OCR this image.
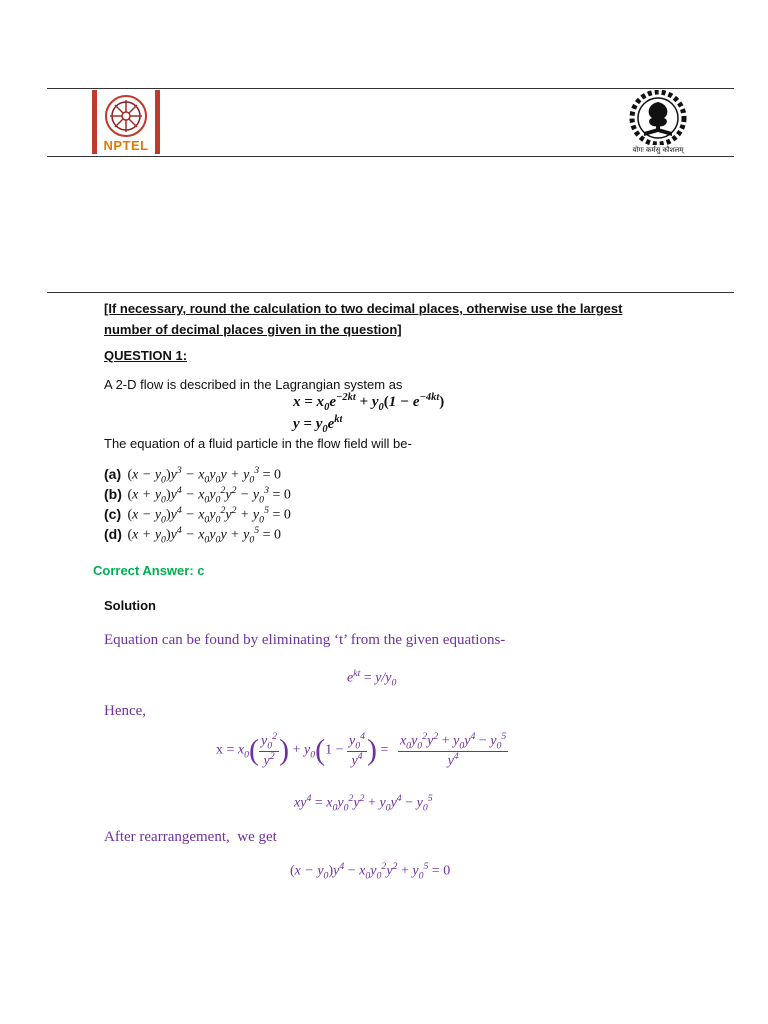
NPTEL	योगः कर्मसु कौशलम्
[If necessary, round the calculation to two decimal places, otherwise use the largest number of decimal places given in the question]
QUESTION 1:
A 2-D flow is described in the Lagrangian system as
$x = x_0e^{-2kt} + y_0(1 - e^{-4kt})$
$y = y_0e^{kt}$
The equation of a fluid particle in the flow field will be-
(a) $(x - y_0)y^3 - x_0y_0y + y_0^3 = 0$
(b) $(x + y_0)y^4 - x_0y_0^2y^2 - y_0^3 = 0$
(c) $(x - y_0)y^4 - x_0y_0^2y^2 + y_0^5 = 0$
(d) $(x + y_0)y^4 - x_0y_0y + y_0^5 = 0$
Correct Answer: c
Solution
Equation can be found by eliminating ‘t’ from the given equations-
$e^{kt} = y/y_0$
Hence,
$x = x_0( \frac{y_0^2}{y^2}$ ) + $y_0(1 - \frac{y_0^4}{y^4}$ ) = $\frac{x_0y_0^2y^2 + y_0y^4 - y_0^5}{y^4}$
$xy^4 = x_0y_0^2y^2 + y_0y^4 - y_0^5$
After rearrangement,  we get
$(x - y_0)y^4 - x_0y_0^2y^2 + y_0^5 = 0$
